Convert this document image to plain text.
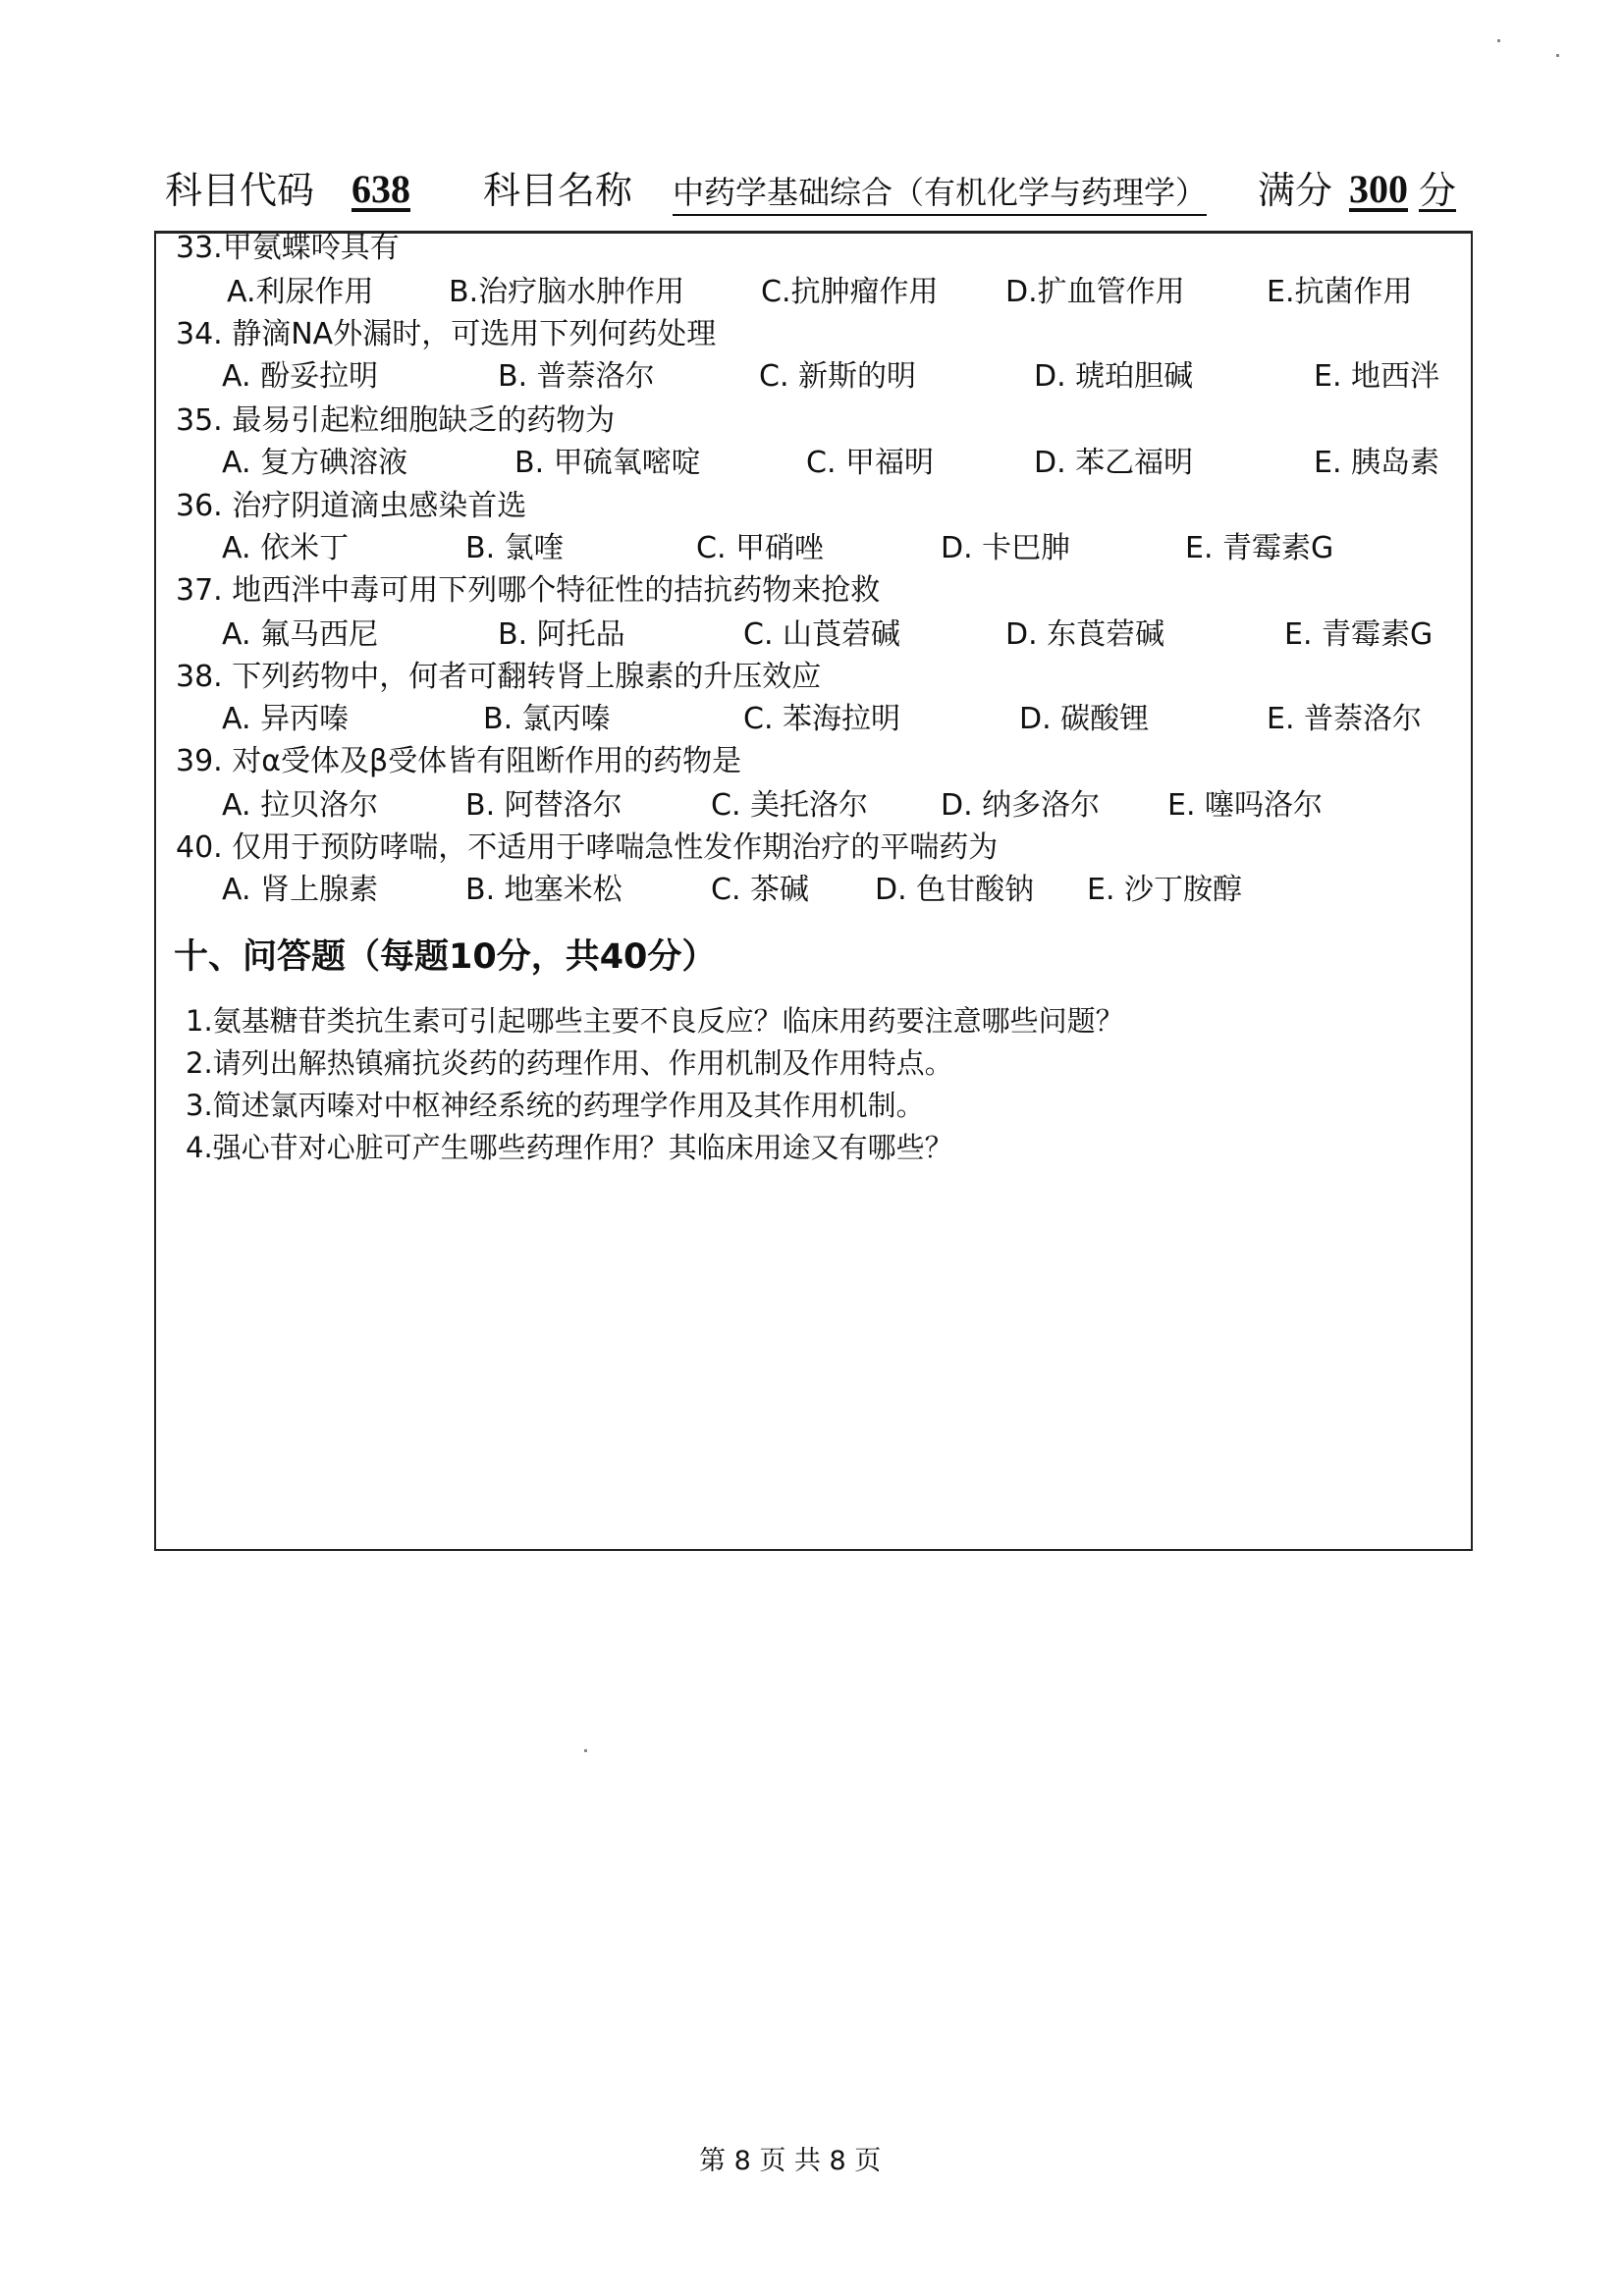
科目代码 638 科目名称 中药学基础综合（有机化学与药理学） 满分 300 分
33.甲氨蝶呤具有
A.利尿作用	B.治疗脑水肿作用	C.抗肿瘤作用 D.扩血管作用	E.抗菌作用
34. 静滴NA外漏时，可选用下列何药处理
A. 酚妥拉明	B. 普萘洛尔	C. 新斯的明	D. 琥珀胆碱	E. 地西泮
35. 最易引起粒细胞缺乏的药物为
A. 复方碘溶液	B. 甲硫氧嘧啶	C. 甲福明	D. 苯乙福明	E. 胰岛素
36. 治疗阴道滴虫感染首选
A. 依米丁	B. 氯喹	C. 甲硝唑	D. 卡巴胂	E. 青霉素G
37. 地西泮中毒可用下列哪个特征性的拮抗药物来抢救
A. 氟马西尼	B. 阿托品	C. 山莨菪碱	D. 东莨菪碱	E. 青霉素G
38. 下列药物中，何者可翻转肾上腺素的升压效应
A. 异丙嗪	B. 氯丙嗪	C. 苯海拉明	D. 碳酸锂	E. 普萘洛尔
39. 对α受体及β受体皆有阻断作用的药物是
A. 拉贝洛尔	B. 阿替洛尔	C. 美托洛尔 D. 纳多洛尔 E. 噻吗洛尔
40. 仅用于预防哮喘，不适用于哮喘急性发作期治疗的平喘药为
A. 肾上腺素	B. 地塞米松	C. 茶碱 D. 色甘酸钠 E. 沙丁胺醇
十、问答题（每题10分，共40分）
1.氨基糖苷类抗生素可引起哪些主要不良反应？临床用药要注意哪些问题？
2.请列出解热镇痛抗炎药的药理作用、作用机制及作用特点。
3.简述氯丙嗪对中枢神经系统的药理学作用及其作用机制。
4.强心苷对心脏可产生哪些药理作用？其临床用途又有哪些？
第 8 页 共 8 页
